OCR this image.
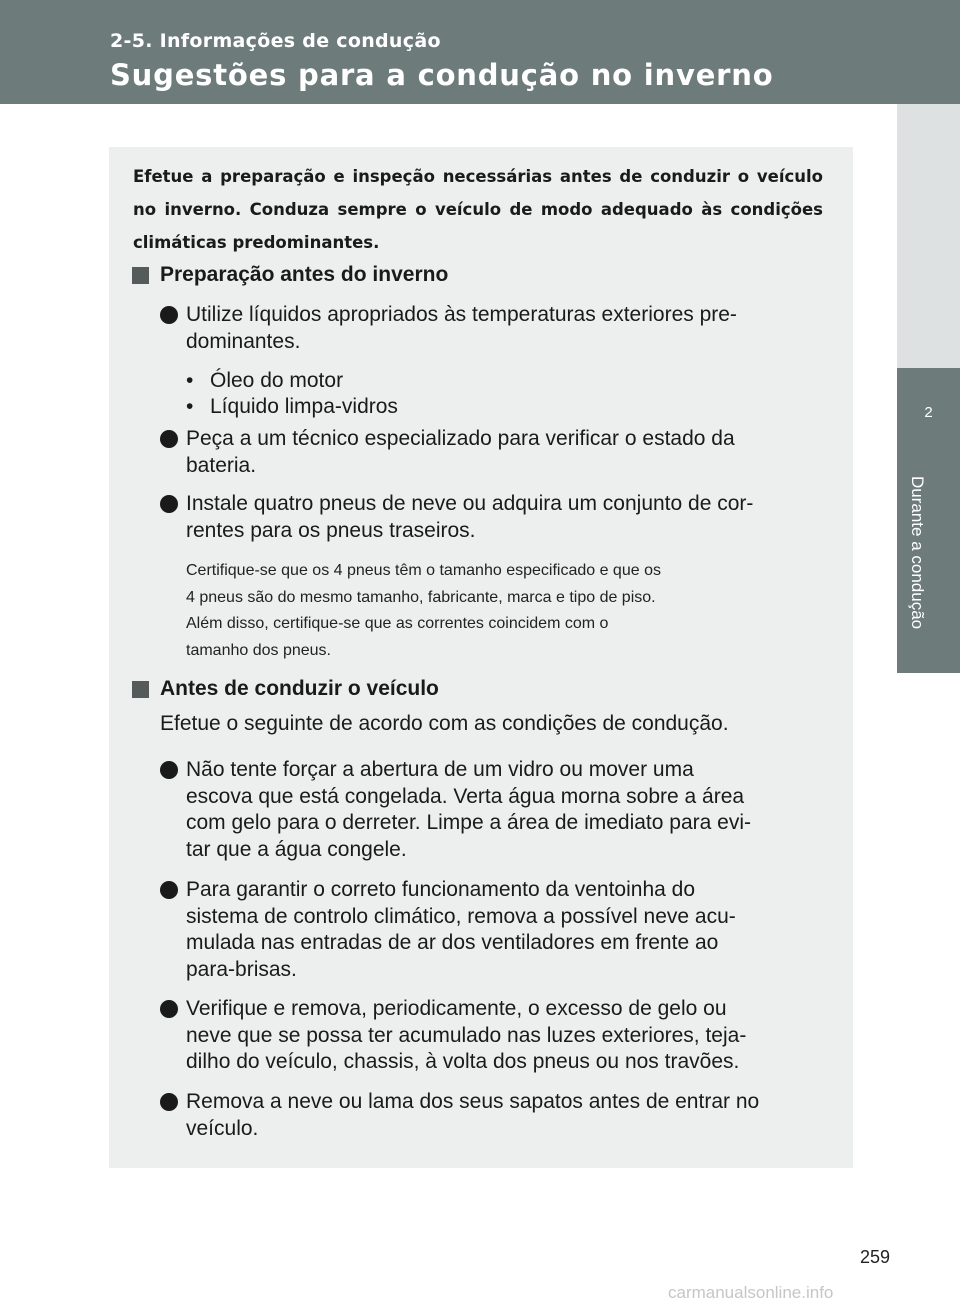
2-5. Informações de condução
Sugestões para a condução no inverno
2
Durante a condução
Efetue a preparação e inspeção necessárias antes de conduzir o veículo no inverno. Conduza sempre o veículo de modo adequado às condições climáticas predominantes.
Preparação antes do inverno
Utilize líquidos apropriados às temperaturas exteriores pre-
dominantes.
• Óleo do motor
• Líquido limpa-vidros
Peça a um técnico especializado para verificar o estado da
bateria.
Instale quatro pneus de neve ou adquira um conjunto de cor-
rentes para os pneus traseiros.
Certifique-se que os 4 pneus têm o tamanho especificado e que os
4 pneus são do mesmo tamanho, fabricante, marca e tipo de piso.
Além disso, certifique-se que as correntes coincidem com o
tamanho dos pneus.
Antes de conduzir o veículo
Efetue o seguinte de acordo com as condições de condução.
Não tente forçar a abertura de um vidro ou mover uma
escova que está congelada. Verta água morna sobre a área
com gelo para o derreter. Limpe a área de imediato para evi-
tar que a água congele.
Para garantir o correto funcionamento da ventoinha do
sistema de controlo climático, remova a possível neve acu-
mulada nas entradas de ar dos ventiladores em frente ao
para-brisas.
Verifique e remova, periodicamente, o excesso de gelo ou
neve que se possa ter acumulado nas luzes exteriores, teja-
dilho do veículo, chassis, à volta dos pneus ou nos travões.
Remova a neve ou lama dos seus sapatos antes de entrar no
veículo.
259
carmanualsonline.info
